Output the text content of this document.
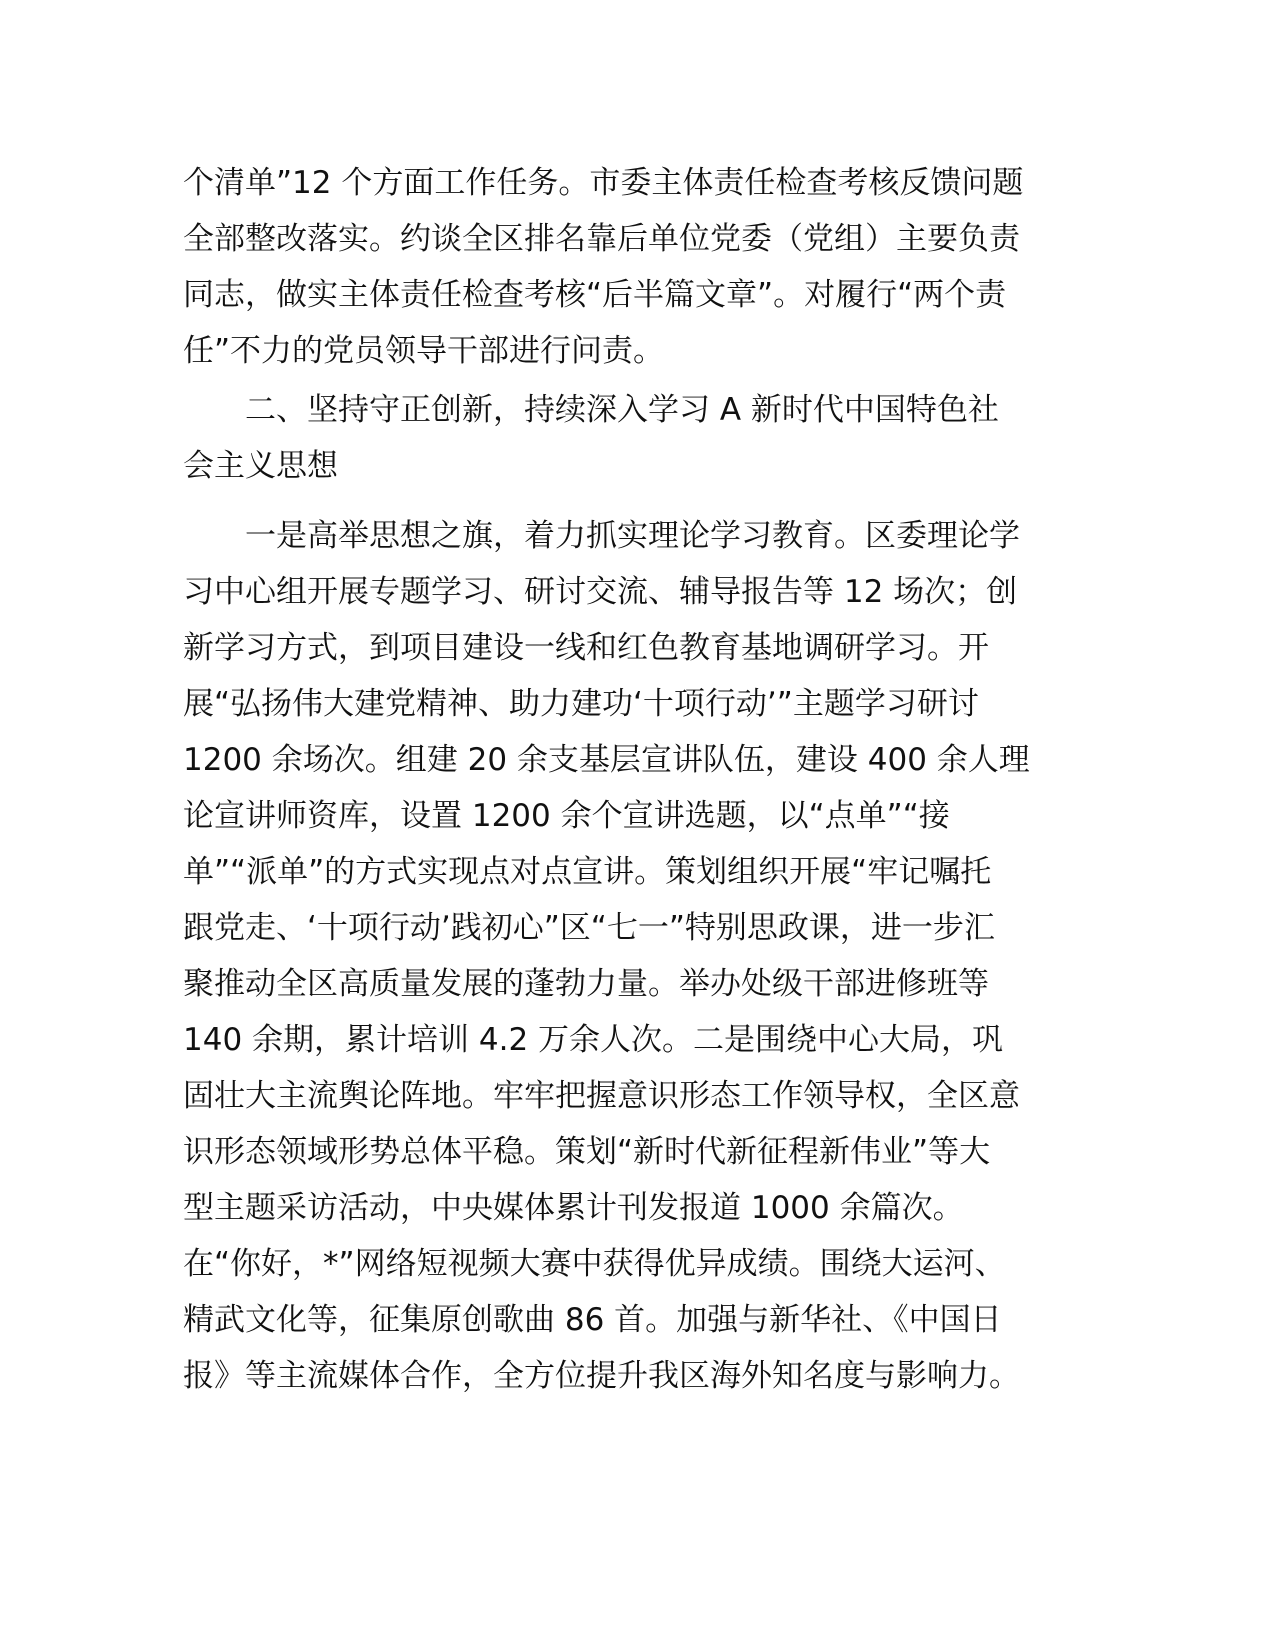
个清单”12 个方面工作任务。市委主体责任检查考核反馈问题
全部整改落实。约谈全区排名靠后单位党委（党组）主要负责
同志，做实主体责任检查考核“后半篇文章”。对履行“两个责
任”不力的党员领导干部进行问责。

二、坚持守正创新，持续深入学习 A 新时代中国特色社
会主义思想

一是高举思想之旗，着力抓实理论学习教育。区委理论学
习中心组开展专题学习、研讨交流、辅导报告等 12 场次；创
新学习方式，到项目建设一线和红色教育基地调研学习。开
展“弘扬伟大建党精神、助力建功‘十项行动’”主题学习研讨
1200 余场次。组建 20 余支基层宣讲队伍，建设 400 余人理
论宣讲师资库，设置 1200 余个宣讲选题，以“点单”“接
单”“派单”的方式实现点对点宣讲。策划组织开展“牢记嘱托
跟党走、‘十项行动’践初心”区“七一”特别思政课，进一步汇
聚推动全区高质量发展的蓬勃力量。举办处级干部进修班等
140 余期，累计培训 4.2 万余人次。二是围绕中心大局，巩
固壮大主流舆论阵地。牢牢把握意识形态工作领导权，全区意
识形态领域形势总体平稳。策划“新时代新征程新伟业”等大
型主题采访活动，中央媒体累计刊发报道 1000 余篇次。
在“你好，*”网络短视频大赛中获得优异成绩。围绕大运河、
精武文化等，征集原创歌曲 86 首。加强与新华社、《中国日
报》等主流媒体合作，全方位提升我区海外知名度与影响力。
